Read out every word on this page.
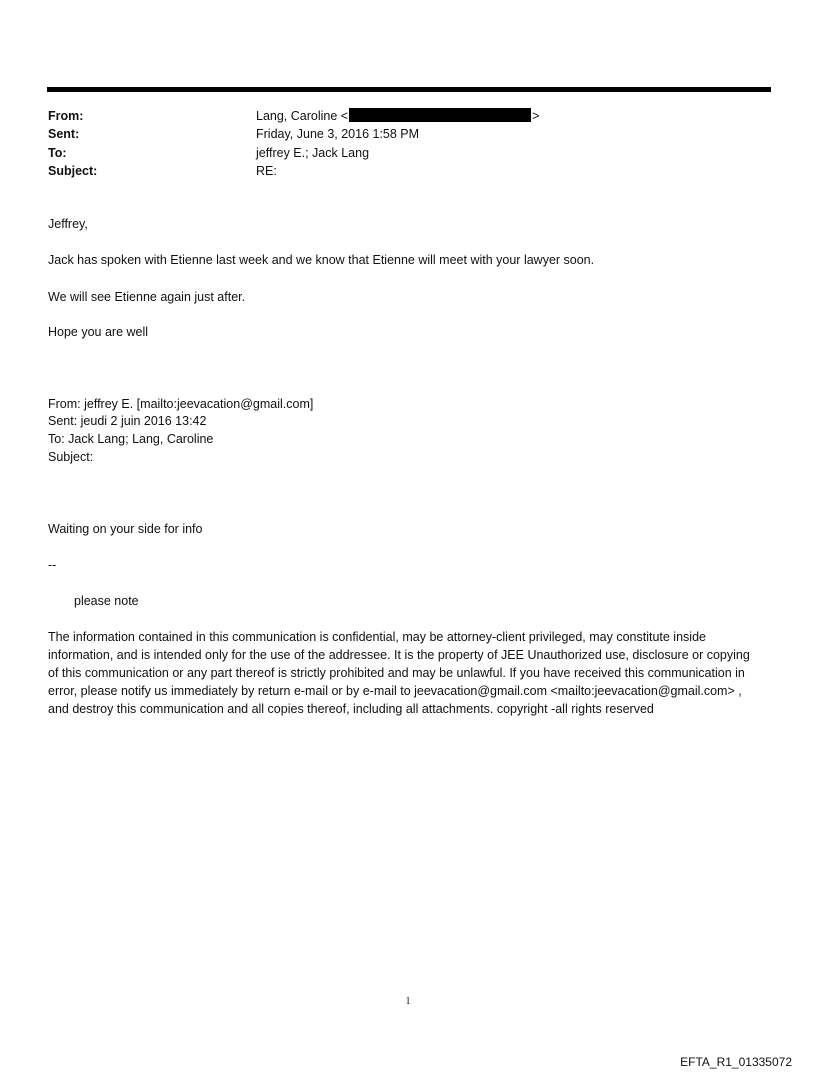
From:	Lang, Caroline <	>
Sent:	Friday, June 3, 2016 1:58 PM
To:	jeffrey E.; Jack Lang
Subject:	RE:
Jeffrey,
Jack has spoken with Etienne last week and we know that Etienne will meet with your lawyer soon.
We will see Etienne again just after.
Hope you are well
From: jeffrey E. [mailto:jeevacation@gmail.com]
Sent: jeudi 2 juin 2016 13:42
To: Jack Lang; Lang, Caroline
Subject:
Waiting on your side for info
--
please note
The information contained in this communication is confidential, may be attorney-client privileged, may constitute inside information, and is intended only for the use of the addressee. It is the property of JEE Unauthorized use, disclosure or copying of this communication or any part thereof is strictly prohibited and may be unlawful. If you have received this communication in error, please notify us immediately by return e-mail or by e-mail to jeevacation@gmail.com <mailto:jeevacation@gmail.com> , and destroy this communication and all copies thereof, including all attachments. copyright -all rights reserved
1
EFTA_R1_01335072
